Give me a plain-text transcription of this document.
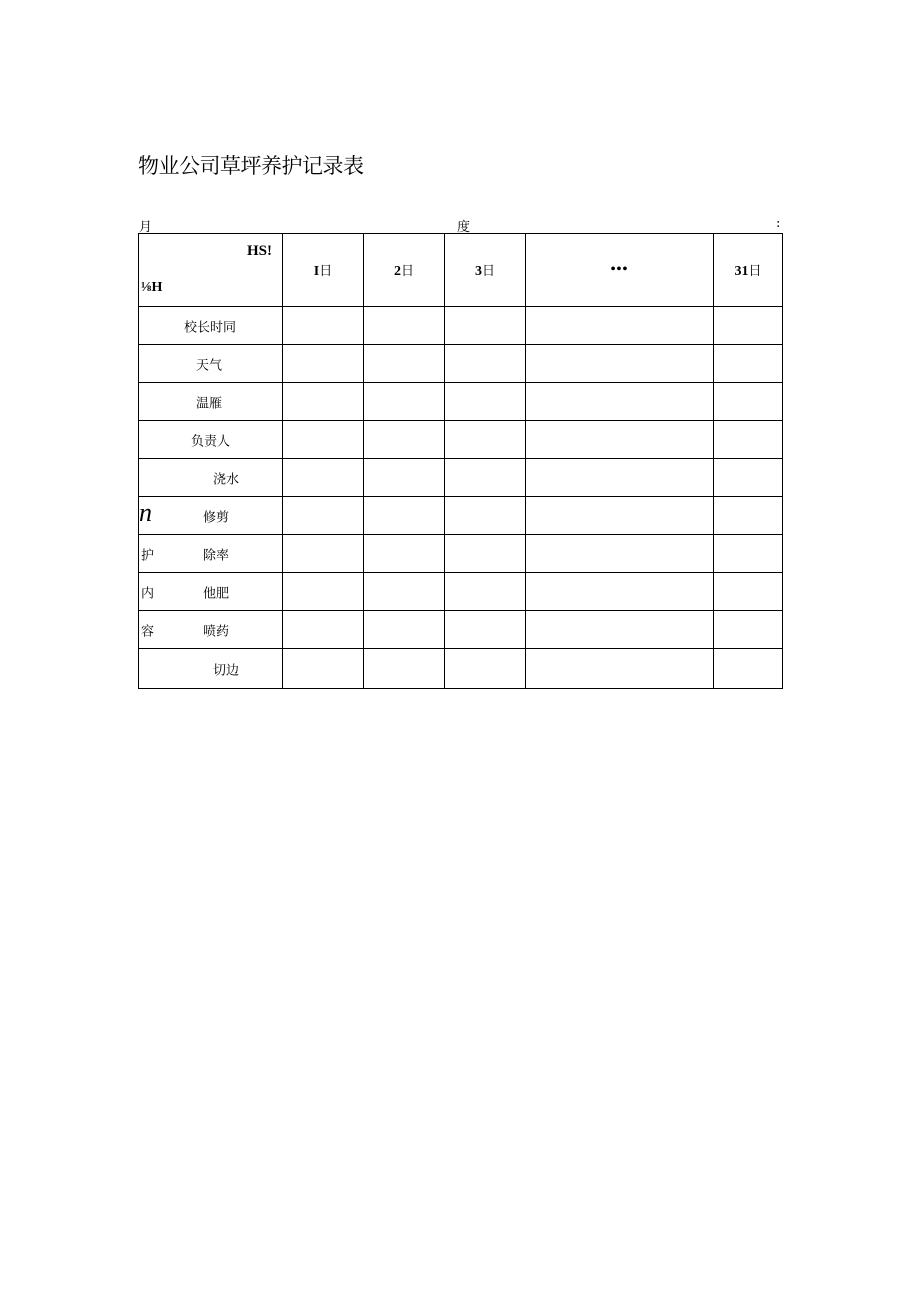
物业公司草坪养护记录表
月	度	:
HS!
⅛H	I日	2日	3日	•••	31日

校长时同					

天气					

温雁					

负责人					

浇水					

n 修剪					

护 除率					

内 他肥					

容 喷药					

切边					
